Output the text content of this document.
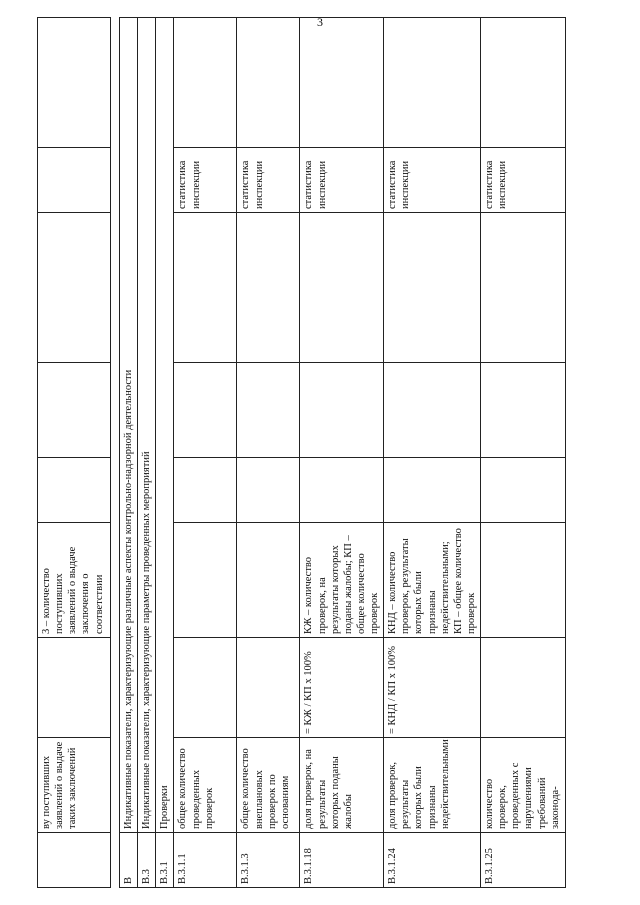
3
	ву поступивших заявлений о выдаче таких заключений		3 – количество поступивших заявлений о выдаче заключения о соответствии					

В	Индикативные показатели, характеризующие различные аспекты контрольно-надзорной деятельности							
В.3	Индикативные показатели, характеризующие параметры проведенных мероприятий							
В.3.1	Проверки							
В.3.1.1	общее количество проведенных проверок						статистика инспекции	
В.3.1.3	общее количество внеплановых проверок по основаниям						статистика инспекции	
В.3.1.18	доля проверок, на результаты которых поданы жалобы	= КЖ / КП x 100%	КЖ – количество проверок, на результаты которых поданы жалобы; КП – общее количество проверок				статистика инспекции	
В.3.1.24	доля проверок, результаты которых были признаны недействительными	= КНД / КП x 100%	КНД – количество проверок, результаты которых были признаны недействительными; КП – общее количество проверок				статистика инспекции	
В.3.1.25	количество проверок, проведенных с нарушениями требований законода-						статистика инспекции	
